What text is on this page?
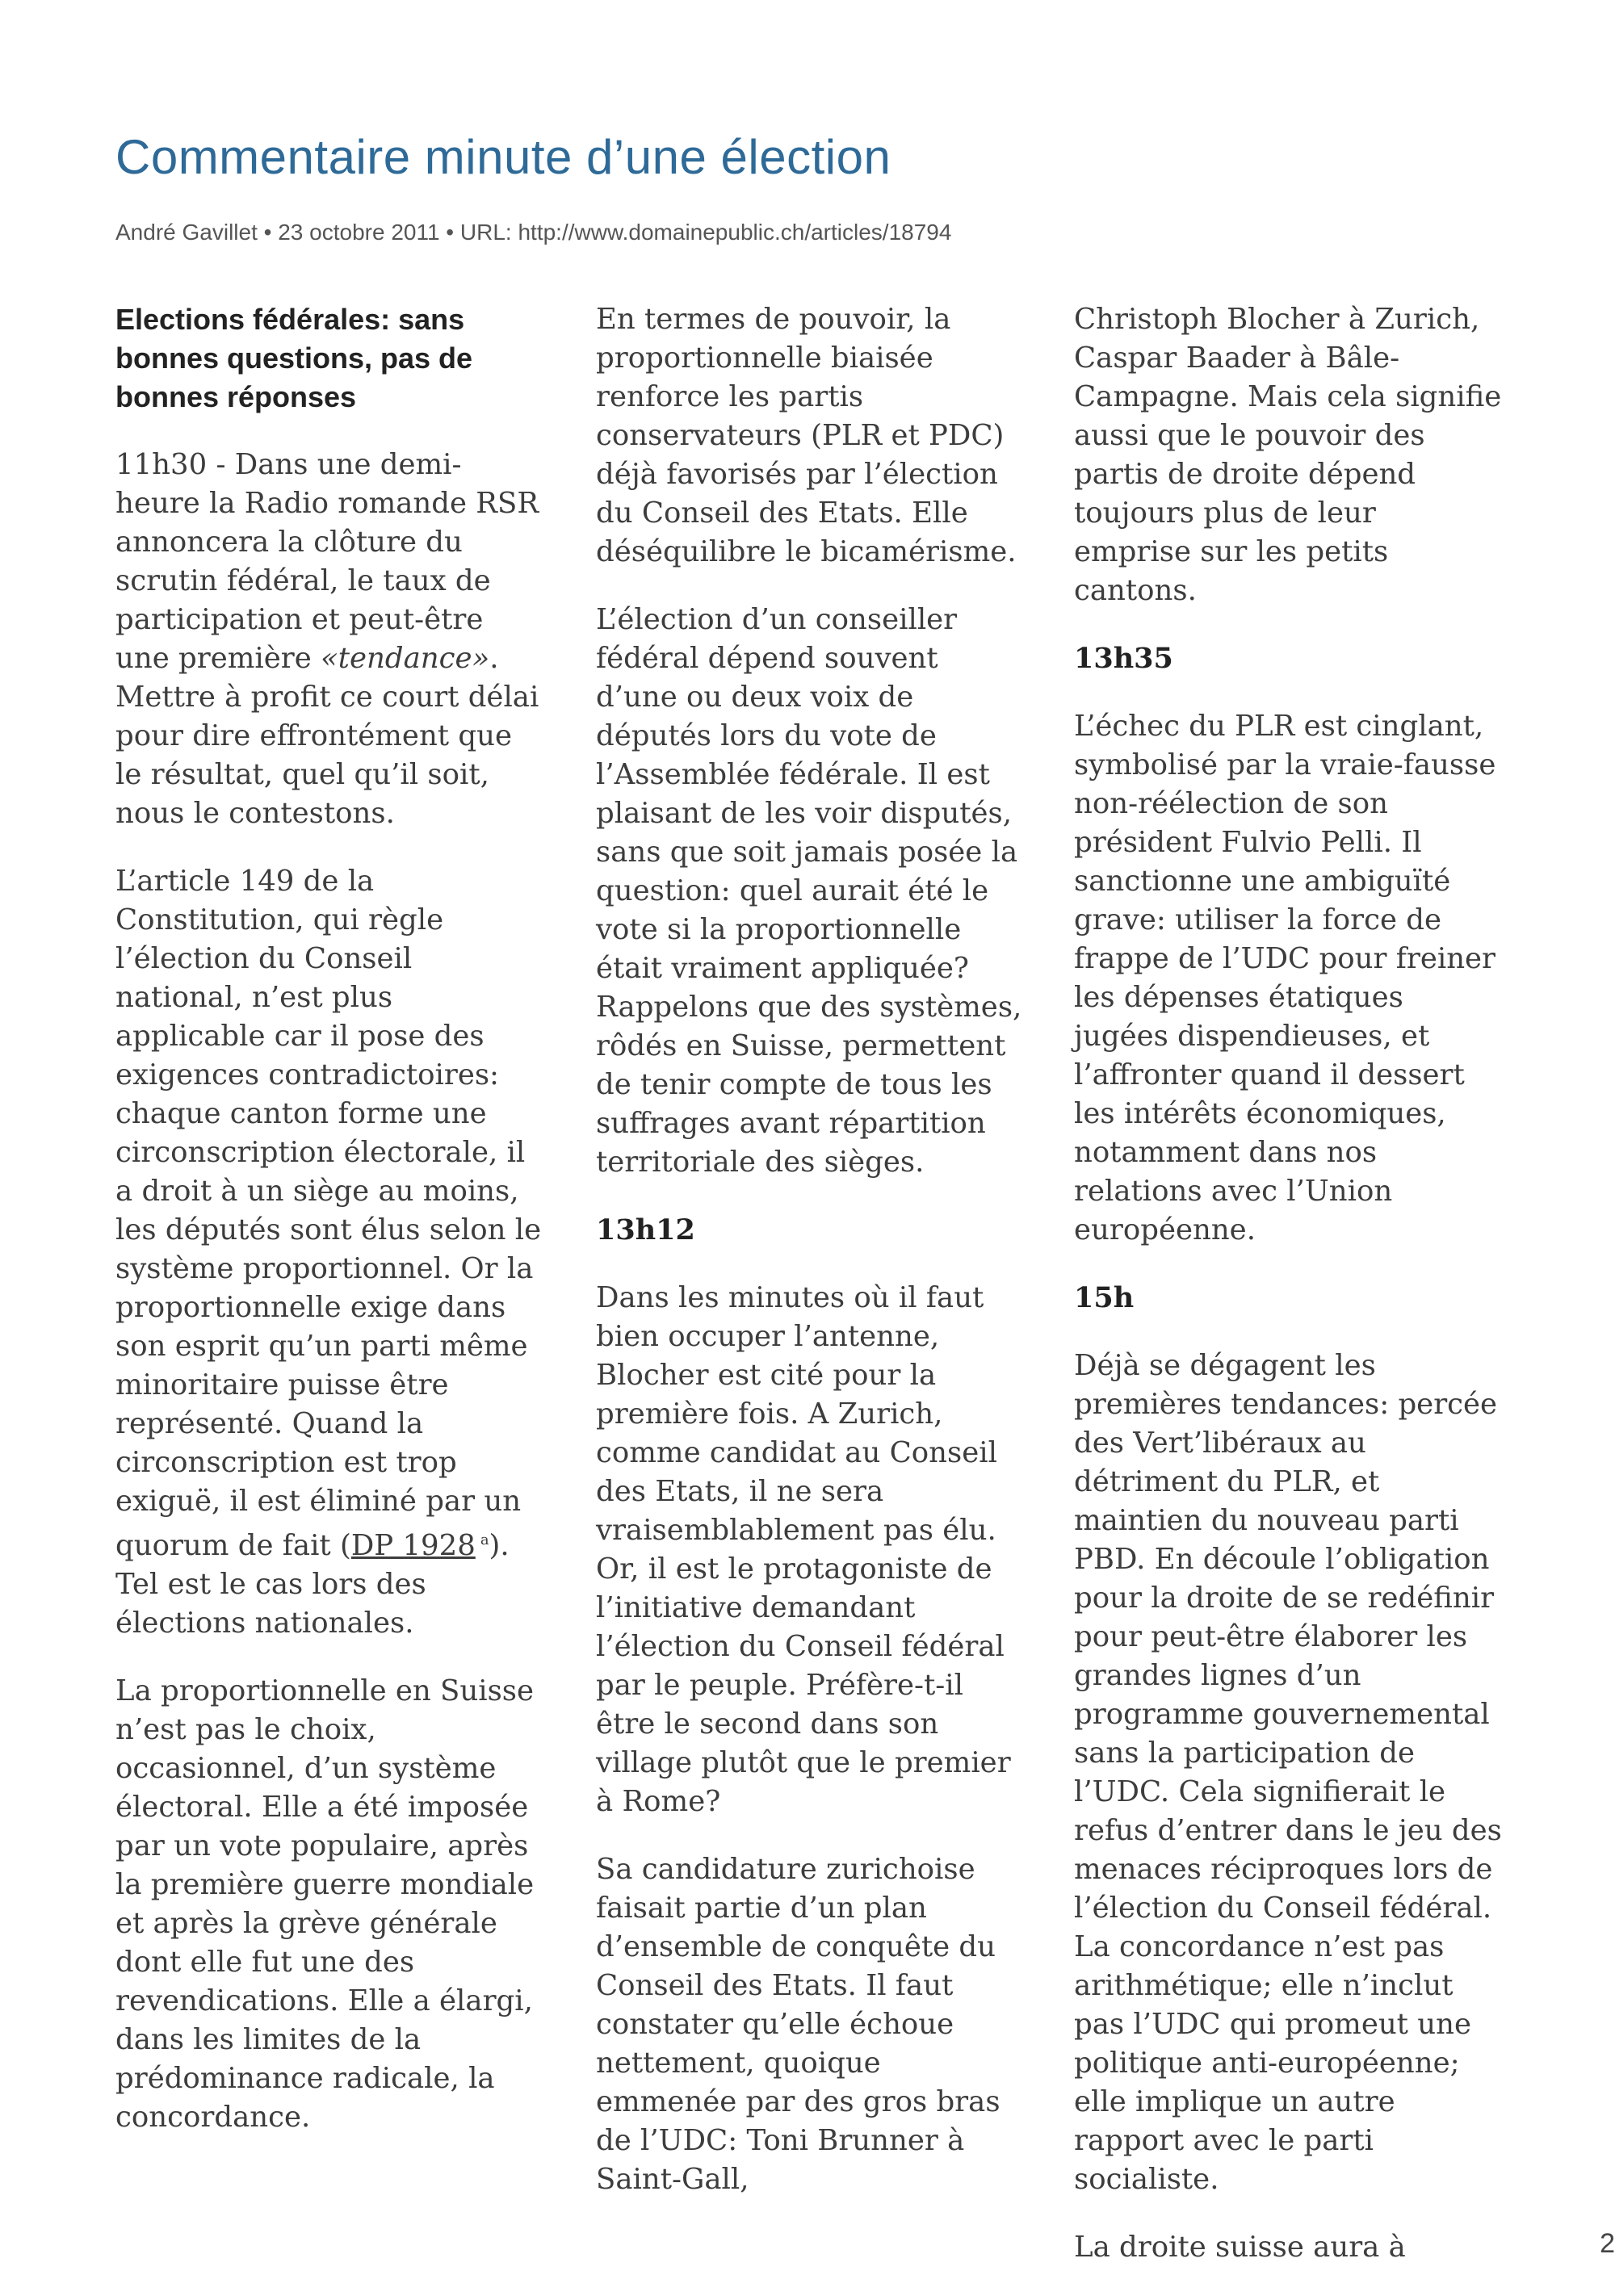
Commentaire minute d’une élection
André Gavillet • 23 octobre 2011 • URL: http://www.domainepublic.ch/articles/18794
Elections fédérales: sans bonnes questions, pas de bonnes réponses

11h30 - Dans une demi-heure la Radio romande RSR annoncera la clôture du scrutin fédéral, le taux de participation et peut-être une première «tendance». Mettre à profit ce court délai pour dire effrontément que le résultat, quel qu’il soit, nous le contestons.

L’article 149 de la Constitution, qui règle l’élection du Conseil national, n’est plus applicable car il pose des exigences contradictoires: chaque canton forme une circonscription électorale, il a droit à un siège au moins, les députés sont élus selon le système proportionnel. Or la proportionnelle exige dans son esprit qu’un parti même minoritaire puisse être représenté. Quand la circonscription est trop exiguë, il est éliminé par un quorum de fait (DP 1928 $^a$). Tel est le cas lors des élections nationales.

La proportionnelle en Suisse n’est pas le choix, occasionnel, d’un système électoral. Elle a été imposée par un vote populaire, après la première guerre mondiale et après la grève générale dont elle fut une des revendications. Elle a élargi, dans les limites de la prédominance radicale, la concordance.

En termes de pouvoir, la proportionnelle biaisée renforce les partis conservateurs (PLR et PDC) déjà favorisés par l’élection du Conseil des Etats. Elle déséquilibre le bicamérisme.

L’élection d’un conseiller fédéral dépend souvent d’une ou deux voix de députés lors du vote de l’Assemblée fédérale. Il est plaisant de les voir disputés, sans que soit jamais posée la question: quel aurait été le vote si la proportionnelle était vraiment appliquée? Rappelons que des systèmes, rôdés en Suisse, permettent de tenir compte de tous les suffrages avant répartition territoriale des sièges.

13h12

Dans les minutes où il faut bien occuper l’antenne, Blocher est cité pour la première fois. A Zurich, comme candidat au Conseil des Etats, il ne sera vraisemblablement pas élu. Or, il est le protagoniste de l’initiative demandant l’élection du Conseil fédéral par le peuple. Préfère-t-il être le second dans son village plutôt que le premier à Rome?

Sa candidature zurichoise faisait partie d’un plan d’ensemble de conquête du Conseil des Etats. Il faut constater qu’elle échoue nettement, quoique emmenée par des gros bras de l’UDC: Toni Brunner à Saint-Gall,

Christoph Blocher à Zurich, Caspar Baader à Bâle-Campagne. Mais cela signifie aussi que le pouvoir des partis de droite dépend toujours plus de leur emprise sur les petits cantons.

13h35

L’échec du PLR est cinglant, symbolisé par la vraie-fausse non-réélection de son président Fulvio Pelli. Il sanctionne une ambiguïté grave: utiliser la force de frappe de l’UDC pour freiner les dépenses étatiques jugées dispendieuses, et l’affronter quand il dessert les intérêts économiques, notamment dans nos relations avec l’Union européenne.

15h

Déjà se dégagent les premières tendances: percée des Vert’libéraux au détriment du PLR, et maintien du nouveau parti PBD. En découle l’obligation pour la droite de se redéfinir pour peut-être élaborer les grandes lignes d’un programme gouvernemental sans la participation de l’UDC. Cela signifierait le refus d’entrer dans le jeu des menaces réciproques lors de l’élection du Conseil fédéral. La concordance n’est pas arithmétique; elle n’inclut pas l’UDC qui promeut une politique anti-européenne; elle implique un autre rapport avec le parti socialiste.

La droite suisse aura à	2
